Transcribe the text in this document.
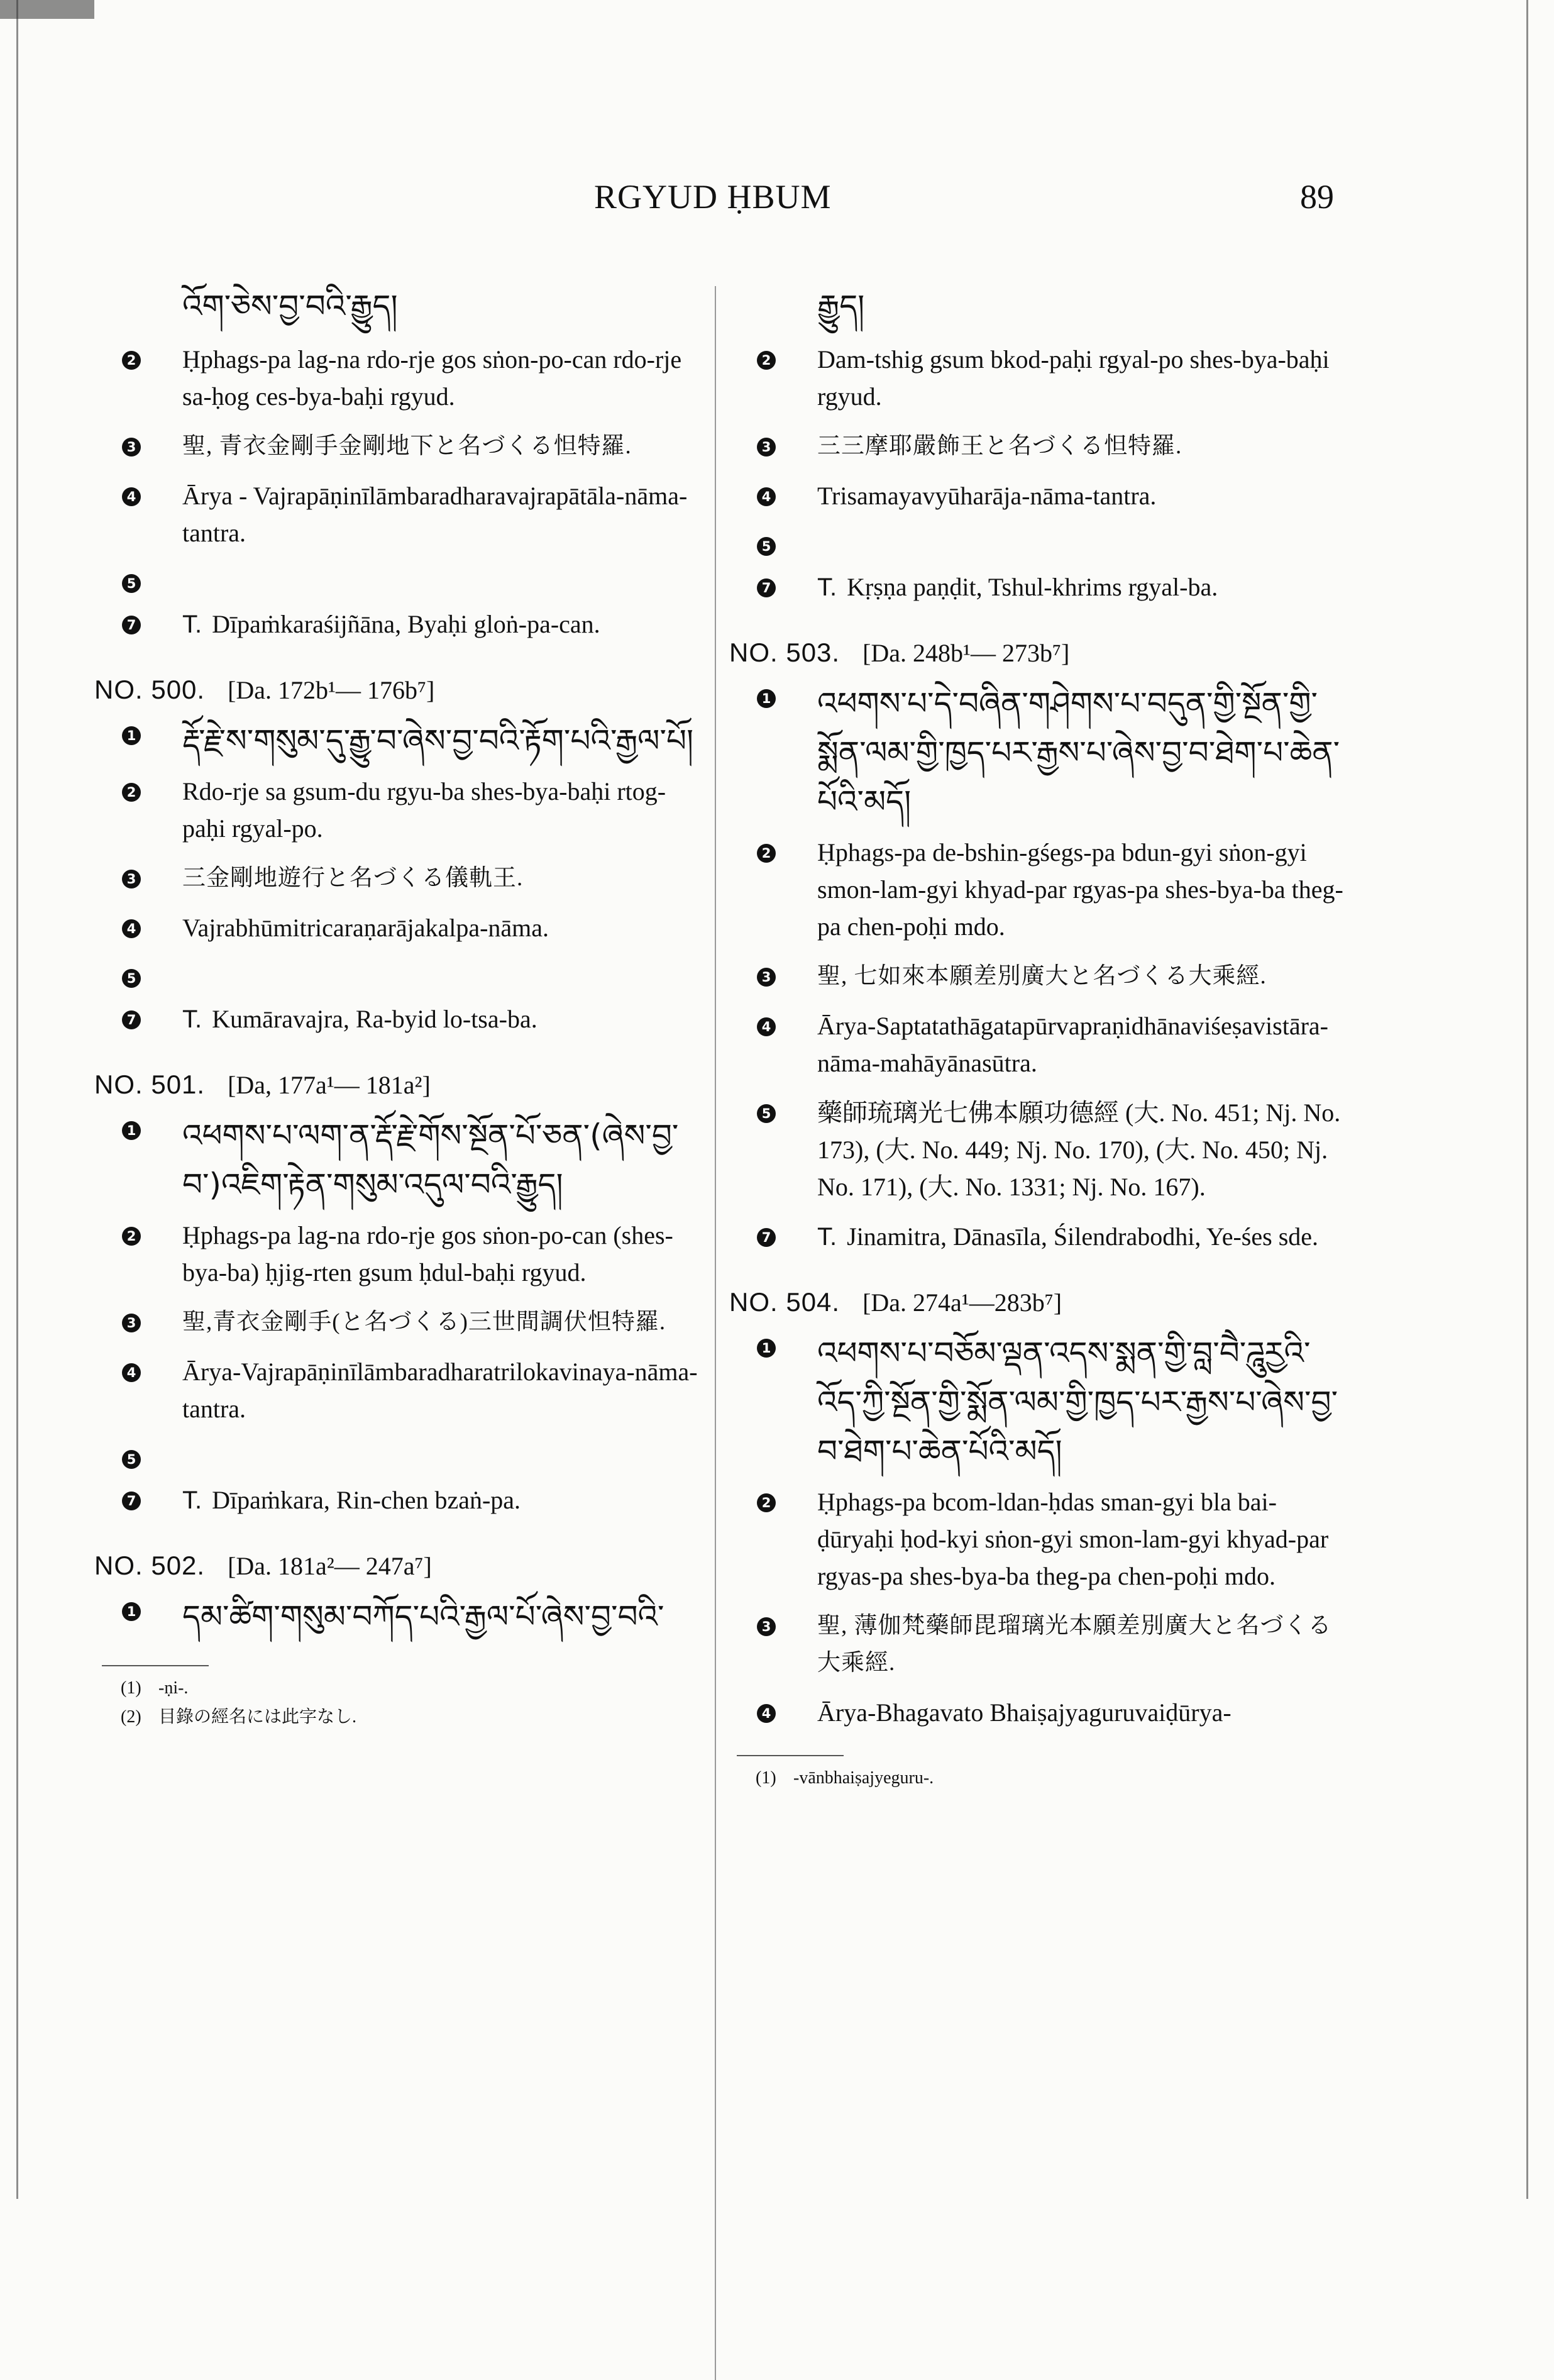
RGYUD ḤBUM	89
འོག་ཅེས་བྱ་བའི་རྒྱུད།
2 Ḥphags-pa lag-na rdo-rje gos sṅon-po-can rdo-rje sa-ḥog ces-bya-baḥi rgyud.
3 聖, 青衣金剛手金剛地下と名づくる怛特羅.
4 Ārya - Vajrapāṇinīlāmbaradharavajrapātāla-nāma-tantra.
5
7 T. Dīpaṁkaraśijñāna, Byaḥi gloṅ-pa-can.
NO. 500. [Da. 172b¹— 176b⁷]
1 རྡོ་རྗེ་ས་གསུམ་དུ་རྒྱུ་བ་ཞེས་བྱ་བའི་རྟོག་པའི་རྒྱལ་པོ།
2 Rdo-rje sa gsum-du rgyu-ba shes-bya-baḥi rtog-paḥi rgyal-po.
3 三金剛地遊行と名づくる儀軌王.
4 Vajrabhūmitricaraṇarājakalpa-nāma.
5
7 T. Kumāravajra, Ra-byid lo-tsa-ba.
NO. 501. [Da, 177a¹— 181a²]
1 འཕགས་པ་ལག་ན་རྡོ་རྗེ་གོས་སྔོན་པོ་ཅན་(ཞེས་བྱ་བ་)འཇིག་རྟེན་གསུམ་འདུལ་བའི་རྒྱུད།
2 Ḥphags-pa lag-na rdo-rje gos sṅon-po-can (shes-bya-ba) ḥjig-rten gsum ḥdul-baḥi rgyud.
3 聖,青衣金剛手(と名づくる)三世間調伏怛特羅.
4 Ārya-Vajrapāṇinīlāmbaradharatrilokavinaya-nāma-tantra.
5
7 T. Dīpaṁkara, Rin-chen bzaṅ-pa.
NO. 502. [Da. 181a²— 247a⁷]
1 དམ་ཚིག་གསུམ་བཀོད་པའི་རྒྱལ་པོ་ཞེས་བྱ་བའི་
(1) -ṇi-.
(2) 目錄の經名には此字なし.
རྒྱུད།
2 Dam-tshig gsum bkod-paḥi rgyal-po shes-bya-baḥi rgyud.
3 三三摩耶嚴飾王と名づくる怛特羅.
4 Trisamayavyūharāja-nāma-tantra.
5
7 T. Kṛṣṇa paṇḍit, Tshul-khrims rgyal-ba.
NO. 503. [Da. 248b¹— 273b⁷]
1 འཕགས་པ་དེ་བཞིན་གཤེགས་པ་བདུན་གྱི་སྔོན་གྱི་སྨོན་ལམ་གྱི་ཁྱད་པར་རྒྱས་པ་ཞེས་བྱ་བ་ཐེག་པ་ཆེན་པོའི་མདོ།
2 Ḥphags-pa de-bshin-gśegs-pa bdun-gyi sṅon-gyi smon-lam-gyi khyad-par rgyas-pa shes-bya-ba theg-pa chen-poḥi mdo.
3 聖, 七如來本願差別廣大と名づくる大乘經.
4 Ārya-Saptatathāgatapūrvapraṇidhānaviśeṣavistāra-nāma-mahāyānasūtra.
5 藥師琉璃光七佛本願功德經 (大. No. 451; Nj. No. 173), (大. No. 449; Nj. No. 170), (大. No. 450; Nj. No. 171), (大. No. 1331; Nj. No. 167).
7 T. Jinamitra, Dānasīla, Śilendrabodhi, Ye-śes sde.
NO. 504. [Da. 274a¹—283b⁷]
1 འཕགས་པ་བཅོམ་ལྡན་འདས་སྨན་གྱི་བླ་བཻ་ཌཱུརྱའི་འོད་ཀྱི་སྔོན་གྱི་སྨོན་ལམ་གྱི་ཁྱད་པར་རྒྱས་པ་ཞེས་བྱ་བ་ཐེག་པ་ཆེན་པོའི་མདོ།
2 Ḥphags-pa bcom-ldan-ḥdas sman-gyi bla bai-ḍūryaḥi ḥod-kyi sṅon-gyi smon-lam-gyi khyad-par rgyas-pa shes-bya-ba theg-pa chen-poḥi mdo.
3 聖, 薄伽梵藥師毘瑠璃光本願差別廣大と名づくる大乘經.
4 Ārya-Bhagavato Bhaiṣajyaguruvaiḍūrya-
(1) -vānbhaiṣajyeguru-.
